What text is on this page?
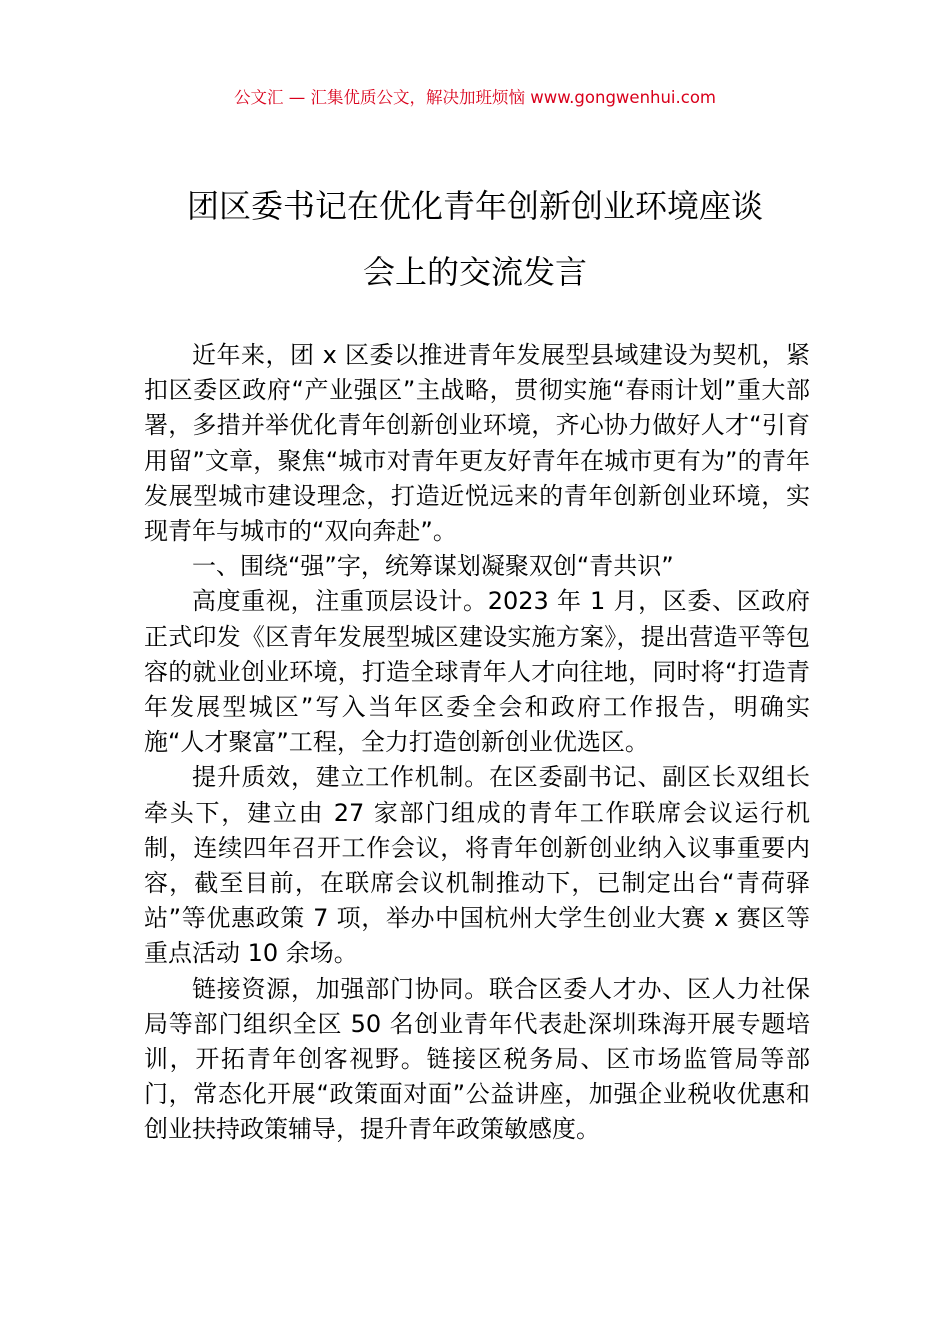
公文汇 — 汇集优质公文，解决加班烦恼 www.gongwenhui.com
团区委书记在优化青年创新创业环境座谈
会上的交流发言

近年来，团 x 区委以推进青年发展型县域建设为契机，紧扣区委区政府“产业强区”主战略，贯彻实施“春雨计划”重大部署，多措并举优化青年创新创业环境，齐心协力做好人才“引育用留”文章，聚焦“城市对青年更友好青年在城市更有为”的青年发展型城市建设理念，打造近悦远来的青年创新创业环境，实现青年与城市的“双向奔赴”。

一、围绕“强”字，统筹谋划凝聚双创“青共识”

高度重视，注重顶层设计。2023 年 1 月，区委、区政府正式印发《区青年发展型城区建设实施方案》，提出营造平等包容的就业创业环境，打造全球青年人才向往地，同时将“打造青年发展型城区”写入当年区委全会和政府工作报告，明确实施“人才聚富”工程，全力打造创新创业优选区。

提升质效，建立工作机制。在区委副书记、副区长双组长牵头下，建立由 27 家部门组成的青年工作联席会议运行机制，连续四年召开工作会议，将青年创新创业纳入议事重要内容，截至目前，在联席会议机制推动下，已制定出台“青荷驿站”等优惠政策 7 项，举办中国杭州大学生创业大赛 x 赛区等重点活动 10 余场。

链接资源，加强部门协同。联合区委人才办、区人力社保局等部门组织全区 50 名创业青年代表赴深圳珠海开展专题培训，开拓青年创客视野。链接区税务局、区市场监管局等部门，常态化开展“政策面对面”公益讲座，加强企业税收优惠和创业扶持政策辅导，提升青年政策敏感度。
